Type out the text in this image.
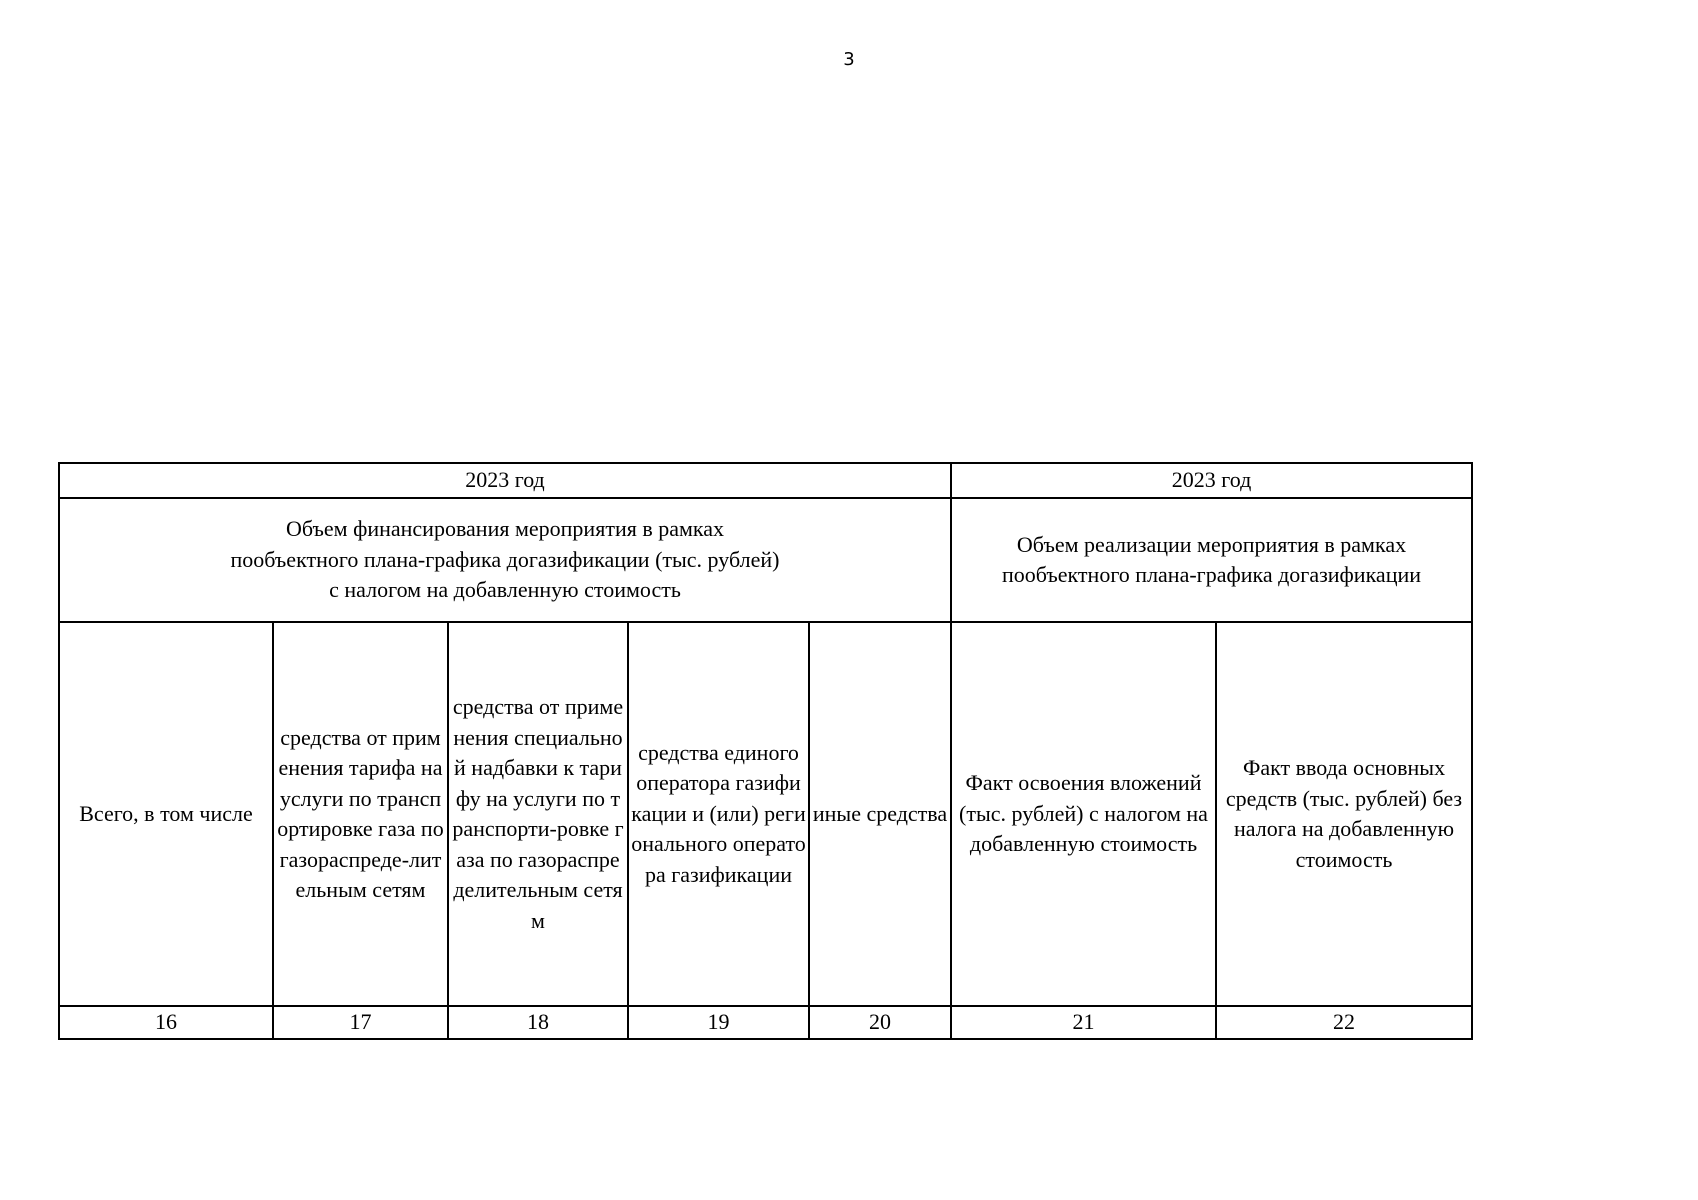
3
2023 год					2023 год	
Объем финансирования мероприятия в рамках
пообъектного плана-графика догазификации (тыс. рублей)
с налогом на добавленную стоимость					Объем реализации мероприятия в рамках
пообъектного плана-графика догазификации	
Всего, в том числе	средства от применения тарифа на услуги по транспортировке газа по газораспреде-лительным сетям	средства от применения специальной надбавки к тарифу на услуги по транспорти-ровке газа по газораспределительным сетям	средства единого оператора газификации и (или) регионального оператора газификации	иные средства	Факт освоения вложений (тыс. рублей) с налогом на добавленную стоимость	Факт ввода основных средств (тыс. рублей) без налога на добавленную стоимость
16	17	18	19	20	21	22
